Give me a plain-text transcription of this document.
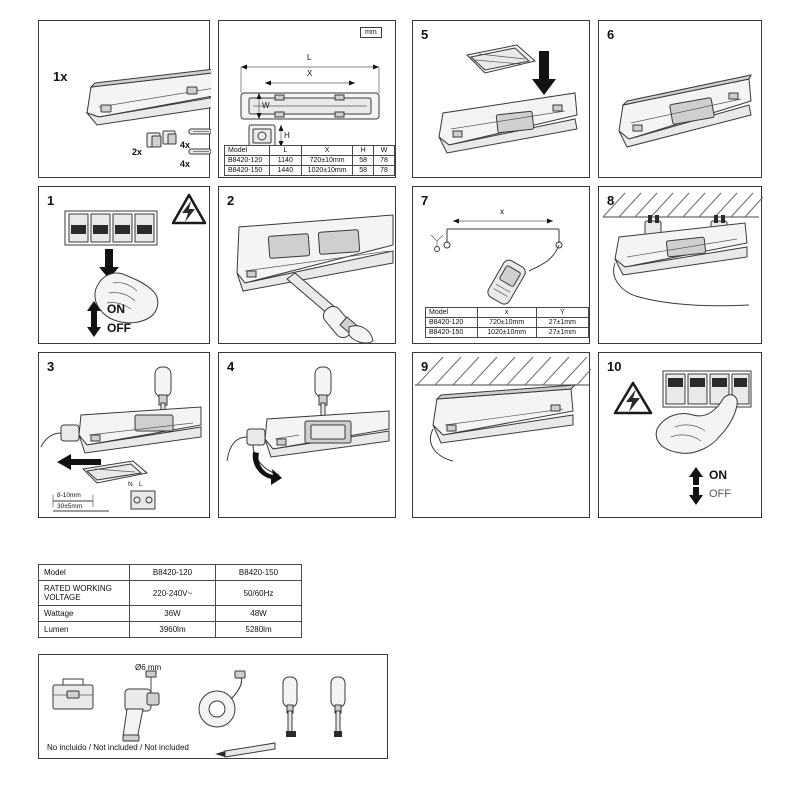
1x
2x
4x
4x
mm
L
X
W
H
Model	L	X	H	W
B8420-120	1140	720±10mm	58	78
B8420-150	1440	1020±10mm	58	78
5	6
1
ON
OFF
2	7
x
Model	x	Y
B8420-120	720±10mm	27±1mm
B8420-150	1020±10mm	27±1mm
8
3
8-10mm
30±5mm
N L
4	9	10
ON
OFF
Model	B8420-120	B8420-150
RATED WORKING VOLTAGE	220-240V~	50/60Hz
Wattage	36W	48W
Lumen	3960lm	5280lm
Ø6 mm
No incluido / Not included / Not included
